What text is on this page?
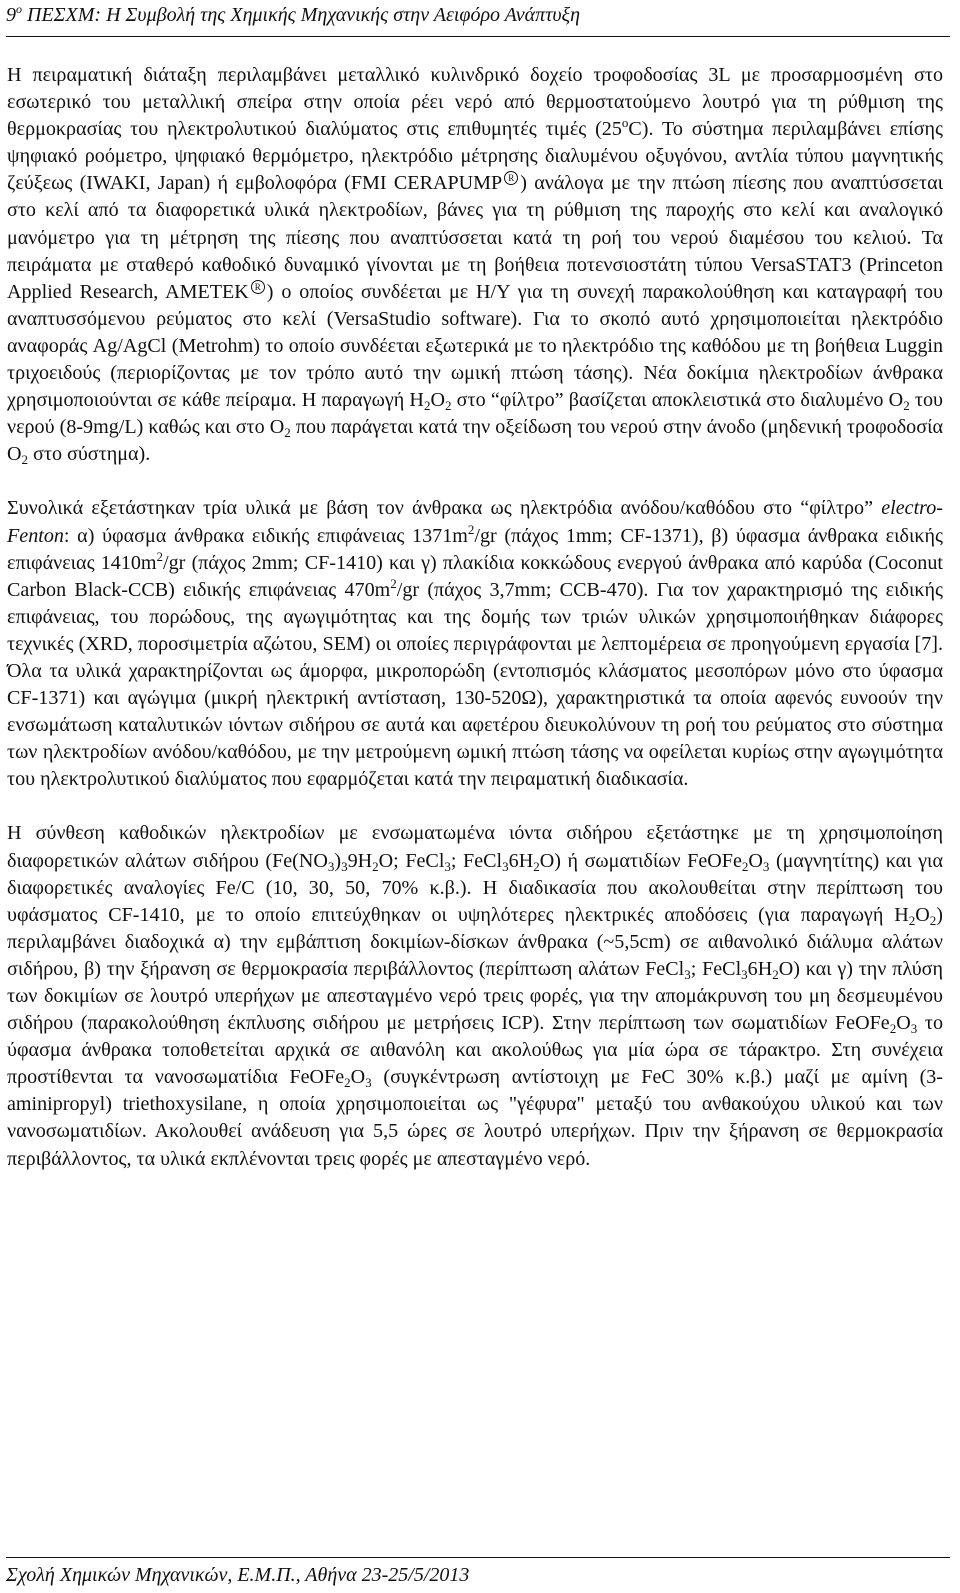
$9^o$ ΠΕΣΧΜ: Η Συμβολή της Χημικής Μηχανικής στην Αειφόρο Ανάπτυξη

Η πειραματική διάταξη περιλαμβάνει μεταλλικό κυλινδρικό δοχείο τροφοδοσίας 3L με προσαρμοσμένη στο εσωτερικό του μεταλλική σπείρα στην οποία ρέει νερό από θερμοστατούμενο λουτρό για τη ρύθμιση της θερμοκρασίας του ηλεκτρολυτικού διαλύματος στις επιθυμητές τιμές (25$^o$C). Το σύστημα περιλαμβάνει επίσης ψηφιακό ροόμετρο, ψηφιακό θερμόμετρο, ηλεκτρόδιο μέτρησης διαλυμένου οξυγόνου, αντλία τύπου μαγνητικής ζεύξεως (IWAKI, Japan) ή εμβολοφόρα (FMI CERAPUMP R ) ανάλογα με την πτώση πίεσης που αναπτύσσεται στο κελί από τα διαφορετικά υλικά ηλεκτροδίων, βάνες για τη ρύθμιση της παροχής στο κελί και αναλογικό μανόμετρο για τη μέτρηση της πίεσης που αναπτύσσεται κατά τη ροή του νερού διαμέσου του κελιού. Τα πειράματα με σταθερό καθοδικό δυναμικό γίνονται με τη βοήθεια ποτενσιοστάτη τύπου VersaSTAT3 (Princeton Applied Research, AMETEK R ) ο οποίος συνδέεται με Η/Υ για τη συνεχή παρακολούθηση και καταγραφή του αναπτυσσόμενου ρεύματος στο κελί (VersaStudio software). Για το σκοπό αυτό χρησιμοποιείται ηλεκτρόδιο αναφοράς Ag/AgCl (Metrohm) το οποίο συνδέεται εξωτερικά με το ηλεκτρόδιο της καθόδου με τη βοήθεια Luggin τριχοειδούς (περιορίζοντας με τον τρόπο αυτό την ωμική πτώση τάσης). Νέα δοκίμια ηλεκτροδίων άνθρακα χρησιμοποιούνται σε κάθε πείραμα. Η παραγωγή $H_2O_2$ στο “φίλτρο” βασίζεται αποκλειστικά στο διαλυμένο $O_2$ του νερού (8-9mg/L) καθώς και στο $O_2$ που παράγεται κατά την οξείδωση του νερού στην άνοδο (μηδενική τροφοδοσία $O_2$ στο σύστημα).

Συνολικά εξετάστηκαν τρία υλικά με βάση τον άνθρακα ως ηλεκτρόδια ανόδου/καθόδου στο “φίλτρο” electro-Fenton: α) ύφασμα άνθρακα ειδικής επιφάνειας $1371m^2/gr$ (πάχος 1mm; CF-1371), β) ύφασμα άνθρακα ειδικής επιφάνειας $1410m^2/gr$ (πάχος 2mm; CF-1410) και γ) πλακίδια κοκκώδους ενεργού άνθρακα από καρύδα (Coconut Carbon Black-CCB) ειδικής επιφάνειας $470m^2/gr$ (πάχος 3,7mm; CCB-470). Για τον χαρακτηρισμό της ειδικής επιφάνειας, του πορώδους, της αγωγιμότητας και της δομής των τριών υλικών χρησιμοποιήθηκαν διάφορες τεχνικές (XRD, ποροσιμετρία αζώτου, SEM) οι οποίες περιγράφονται με λεπτομέρεια σε προηγούμενη εργασία [7]. Όλα τα υλικά χαρακτηρίζονται ως άμορφα, μικροπορώδη (εντοπισμός κλάσματος μεσοπόρων μόνο στο ύφασμα CF-1371) και αγώγιμα (μικρή ηλεκτρική αντίσταση, 130-520Ω), χαρακτηριστικά τα οποία αφενός ευνοούν την ενσωμάτωση καταλυτικών ιόντων σιδήρου σε αυτά και αφετέρου διευκολύνουν τη ροή του ρεύματος στο σύστημα των ηλεκτροδίων ανόδου/καθόδου, με την μετρούμενη ωμική πτώση τάσης να οφείλεται κυρίως στην αγωγιμότητα του ηλεκτρολυτικού διαλύματος που εφαρμόζεται κατά την πειραματική διαδικασία.

Η σύνθεση καθοδικών ηλεκτροδίων με ενσωματωμένα ιόντα σιδήρου εξετάστηκε με τη χρησιμοποίηση διαφορετικών αλάτων σιδήρου ($Fe(NO_3)_39H_2O$; FeCl$_3$; $FeCl_36H_2O$) ή σωματιδίων $FeOFe_2O_3$ (μαγνητίτης) και για διαφορετικές αναλογίες Fe/C (10, 30, 50, 70% κ.β.). Η διαδικασία που ακολουθείται στην περίπτωση του υφάσματος CF-1410, με το οποίο επιτεύχθηκαν οι υψηλότερες ηλεκτρικές αποδόσεις (για παραγωγή $H_2O_2$) περιλαμβάνει διαδοχικά α) την εμβάπτιση δοκιμίων-δίσκων άνθρακα (~5,5cm) σε αιθανολικό διάλυμα αλάτων σιδήρου, β) την ξήρανση σε θερμοκρασία περιβάλλοντος (περίπτωση αλάτων FeCl$_3$; $FeCl_36H_2O$) και γ) την πλύση των δοκιμίων σε λουτρό υπερήχων με απεσταγμένο νερό τρεις φορές, για την απομάκρυνση του μη δεσμευμένου σιδήρου (παρακολούθηση έκπλυσης σιδήρου με μετρήσεις ICP). Στην περίπτωση των σωματιδίων $FeOFe_2O_3$ το ύφασμα άνθρακα τοποθετείται αρχικά σε αιθανόλη και ακολούθως για μία ώρα σε τάρακτρο. Στη συνέχεια προστίθενται τα νανοσωματίδια $FeOFe_2O_3$ (συγκέντρωση αντίστοιχη με FeC 30% κ.β.) μαζί με αμίνη (3-aminipropyl) triethoxysilane, η οποία χρησιμοποιείται ως "γέφυρα" μεταξύ του ανθακούχου υλικού και των νανοσωματιδίων. Ακολουθεί ανάδευση για 5,5 ώρες σε λουτρό υπερήχων. Πριν την ξήρανση σε θερμοκρασία περιβάλλοντος, τα υλικά εκπλένονται τρεις φορές με απεσταγμένο νερό.

Σχολή Χημικών Μηχανικών, Ε.Μ.Π., Αθήνα 23-25/5/2013
